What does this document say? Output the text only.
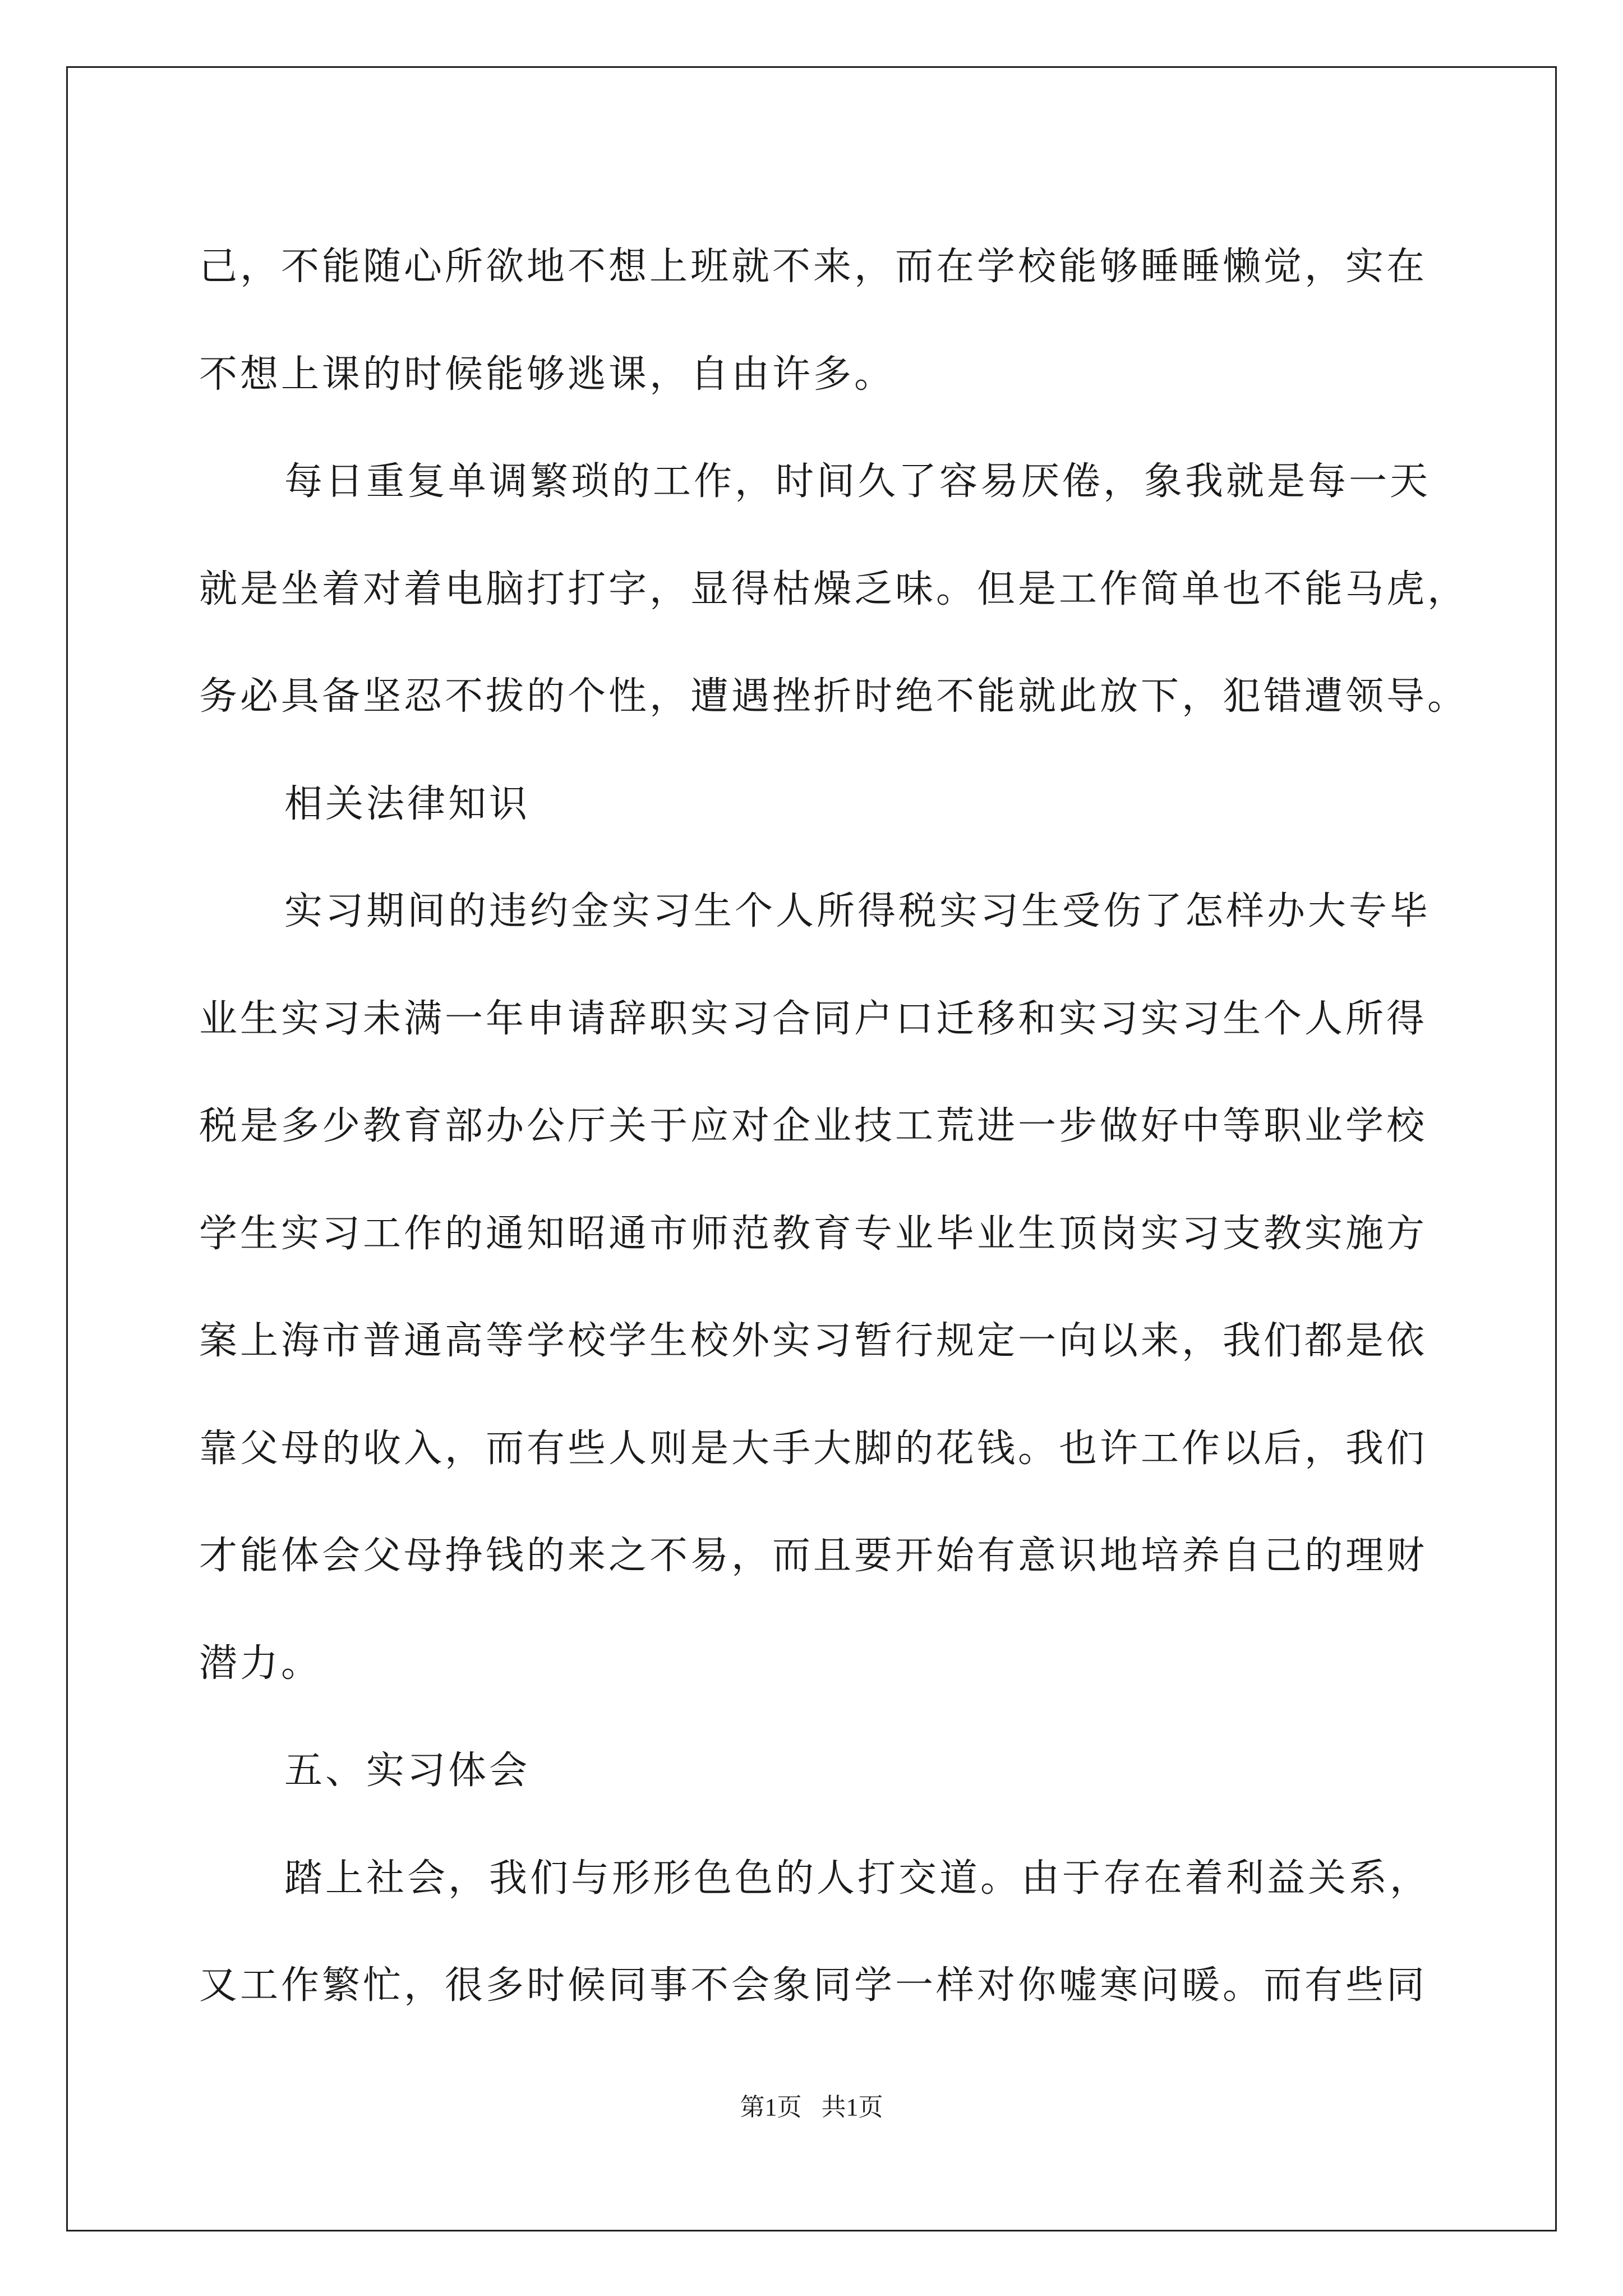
己，不能随心所欲地不想上班就不来，而在学校能够睡睡懒觉，实在
不想上课的时候能够逃课，自由许多。
每日重复单调繁琐的工作，时间久了容易厌倦，象我就是每一天
就是坐着对着电脑打打字，显得枯燥乏味。但是工作简单也不能马虎，
务必具备坚忍不拔的个性，遭遇挫折时绝不能就此放下，犯错遭领导。
相关法律知识
实习期间的违约金实习生个人所得税实习生受伤了怎样办大专毕
业生实习未满一年申请辞职实习合同户口迁移和实习实习生个人所得
税是多少教育部办公厅关于应对企业技工荒进一步做好中等职业学校
学生实习工作的通知昭通市师范教育专业毕业生顶岗实习支教实施方
案上海市普通高等学校学生校外实习暂行规定一向以来，我们都是依
靠父母的收入，而有些人则是大手大脚的花钱。也许工作以后，我们
才能体会父母挣钱的来之不易，而且要开始有意识地培养自己的理财
潜力。
五、实习体会
踏上社会，我们与形形色色的人打交道。由于存在着利益关系，
又工作繁忙，很多时候同事不会象同学一样对你嘘寒问暖。而有些同
第1页 共1页
